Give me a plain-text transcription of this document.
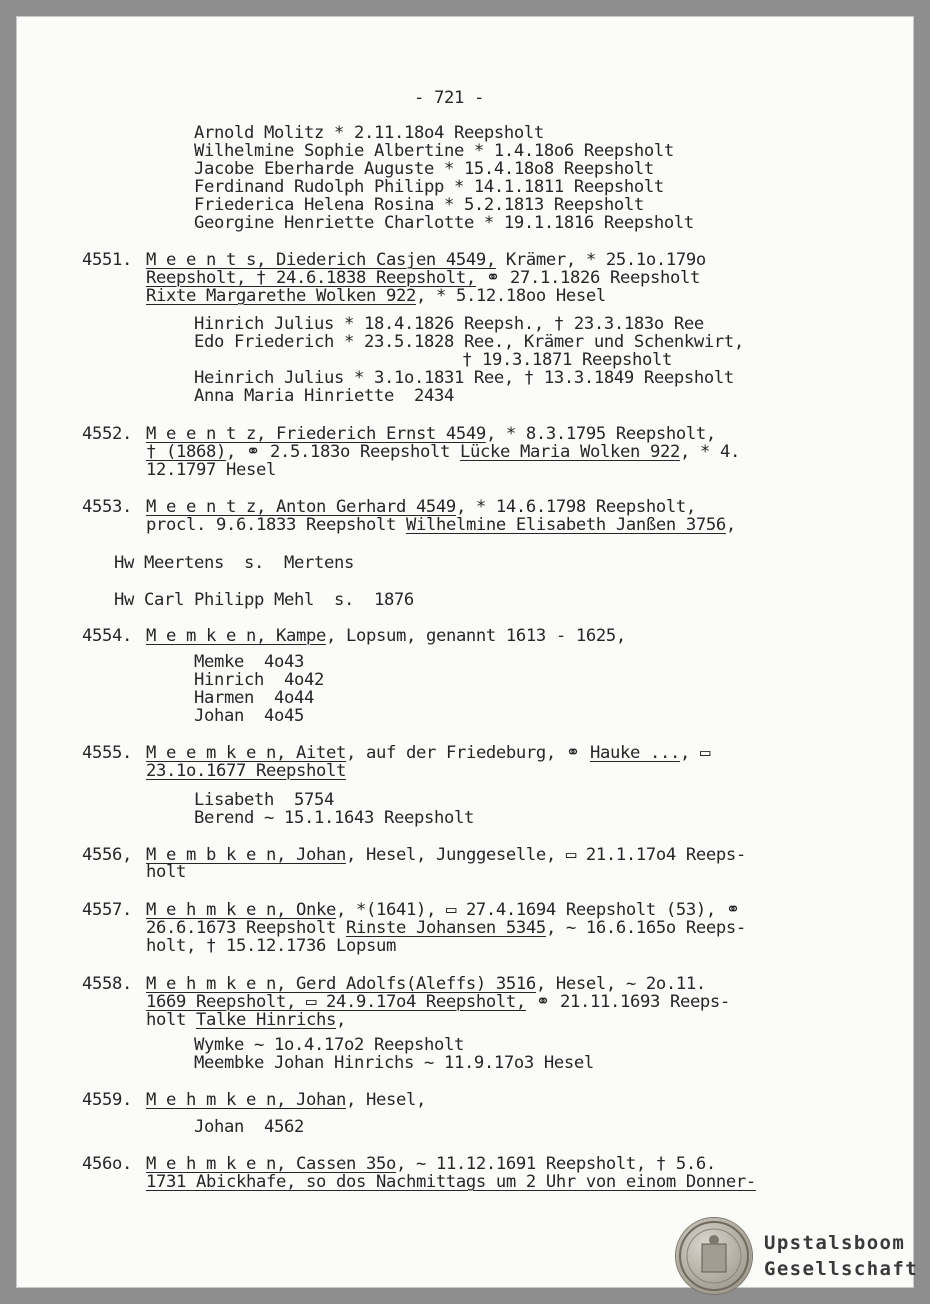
- 721 -
Arnold Molitz * 2.11.18o4 Reepsholt
Wilhelmine Sophie Albertine * 1.4.18o6 Reepsholt
Jacobe Eberharde Auguste * 15.4.18o8 Reepsholt
Ferdinand Rudolph Philipp * 14.1.1811 Reepsholt
Friederica Helena Rosina * 5.2.1813 Reepsholt
Georgine Henriette Charlotte * 19.1.1816 Reepsholt
4551. M e e n t s, Diederich Casjen 4549, Krämer, * 25.1o.179o
Reepsholt, † 24.6.1838 Reepsholt, ⚭ 27.1.1826 Reepsholt
Rixte Margarethe Wolken 922, * 5.12.18oo Hesel
Hinrich Julius * 18.4.1826 Reepsh., † 23.3.183o Ree
Edo Friederich * 23.5.1828 Ree., Krämer und Schenkwirt,
† 19.3.1871 Reepsholt
Heinrich Julius * 3.1o.1831 Ree, † 13.3.1849 Reepsholt
Anna Maria Hinriette  2434
4552. M e e n t z, Friederich Ernst 4549, * 8.3.1795 Reepsholt,
† (1868), ⚭ 2.5.183o Reepsholt Lücke Maria Wolken 922, * 4.
12.1797 Hesel
4553. M e e n t z, Anton Gerhard 4549, * 14.6.1798 Reepsholt,
procl. 9.6.1833 Reepsholt Wilhelmine Elisabeth Janßen 3756,
Hw Meertens  s.  Mertens
Hw Carl Philipp Mehl  s.  1876
4554. M e m k e n, Kampe, Lopsum, genannt 1613 - 1625,
Memke  4o43
Hinrich  4o42
Harmen  4o44
Johan  4o45
4555. M e e m k e n, Aitet, auf der Friedeburg, ⚭ Hauke ..., ▭
23.1o.1677 Reepsholt
Lisabeth  5754
Berend ~ 15.1.1643 Reepsholt
4556, M e m b k e n, Johan, Hesel, Junggeselle, ▭ 21.1.17o4 Reeps-
holt
4557. M e h m k e n, Onke, *(1641), ▭ 27.4.1694 Reepsholt (53), ⚭
26.6.1673 Reepsholt Rinste Johansen 5345, ~ 16.6.165o Reeps-
holt, † 15.12.1736 Lopsum
4558. M e h m k e n, Gerd Adolfs(Aleffs) 3516, Hesel, ~ 2o.11.
1669 Reepsholt, ▭ 24.9.17o4 Reepsholt, ⚭ 21.11.1693 Reeps-
holt Talke Hinrichs,
Wymke ~ 1o.4.17o2 Reepsholt
Meembke Johan Hinrichs ~ 11.9.17o3 Hesel
4559. M e h m k e n, Johan, Hesel,
Johan  4562
456o. M e h m k e n, Cassen 35o, ~ 11.12.1691 Reepsholt, † 5.6.
1731 Abickhafe, so dos Nachmittags um 2 Uhr von einom Donner-
Upstalsboom
Gesellschaft
